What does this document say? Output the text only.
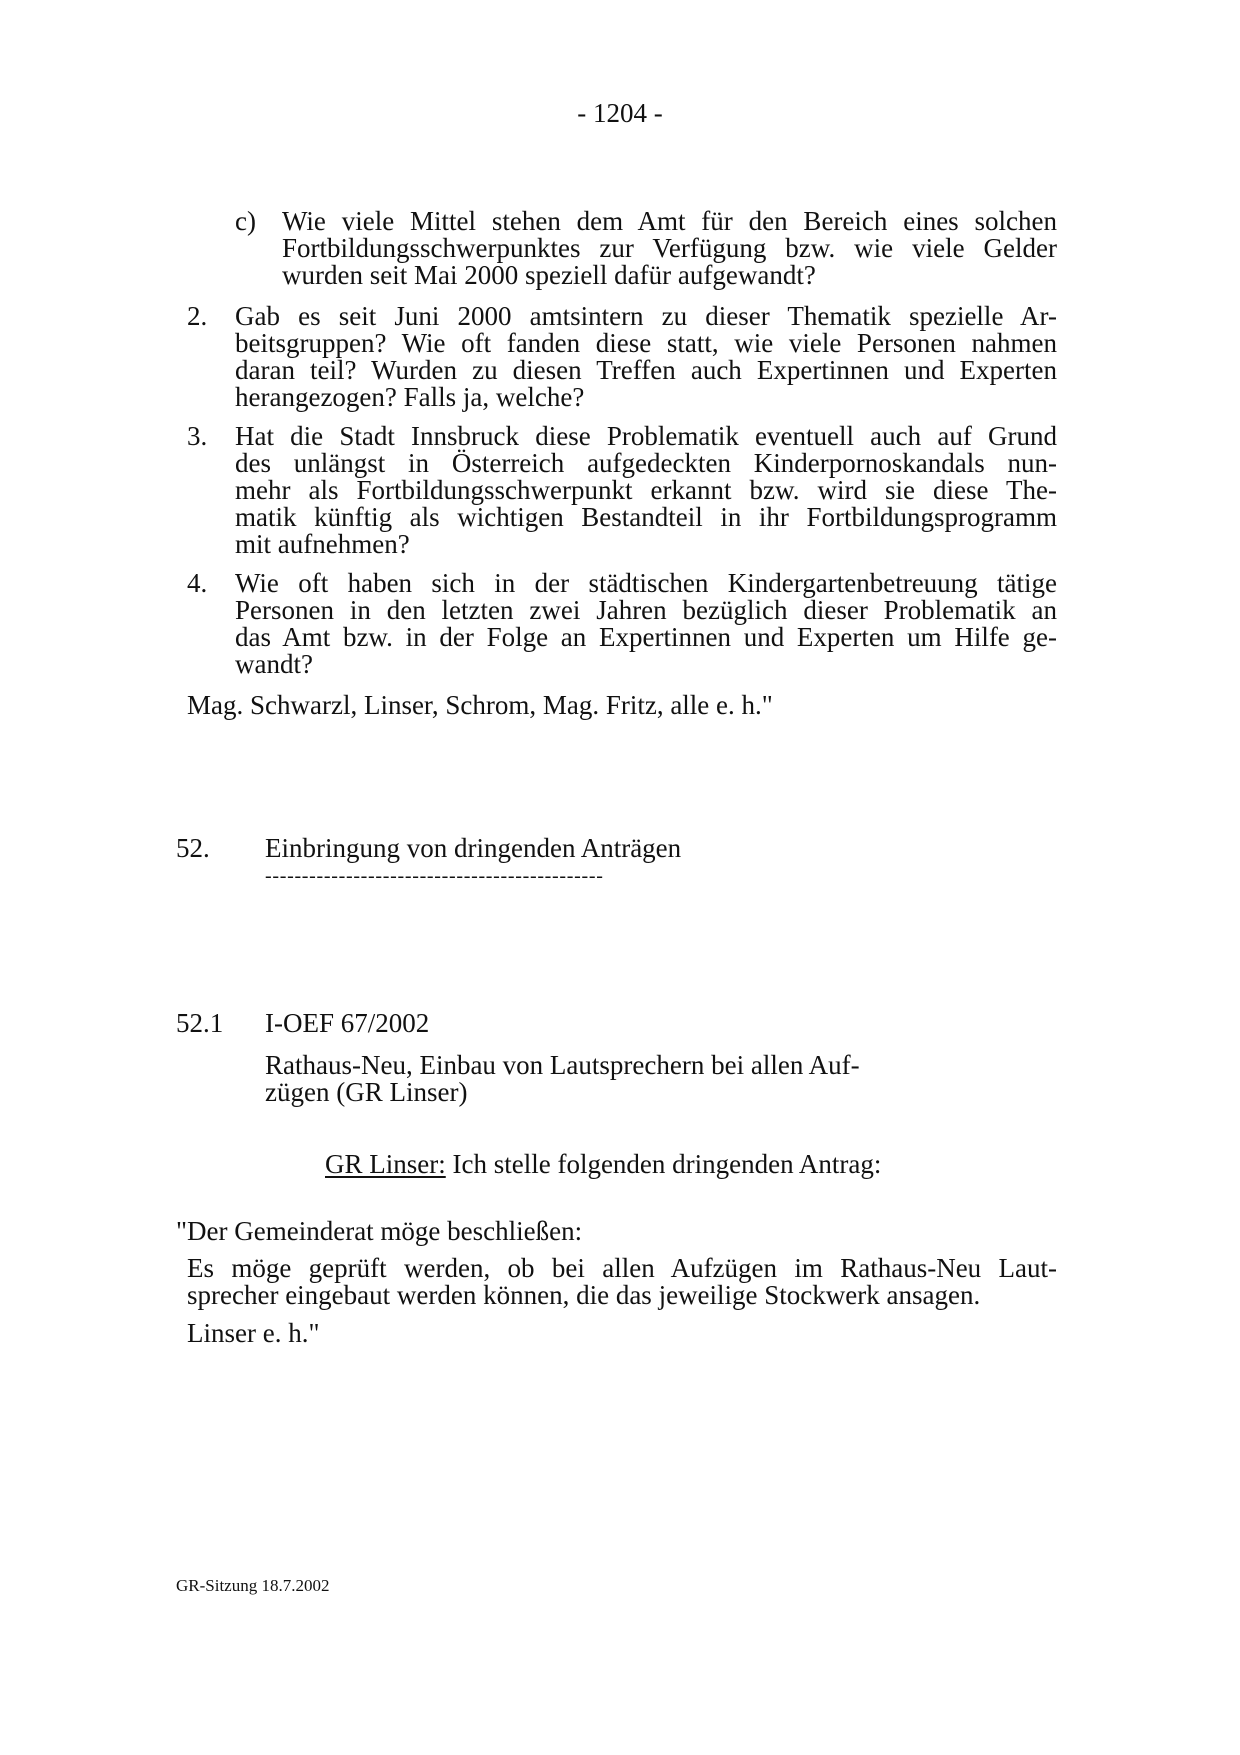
- 1204 -
c) Wie viele Mittel stehen dem Amt für den Bereich eines solchen
Fortbildungsschwerpunktes zur Verfügung bzw. wie viele Gelder
wurden seit Mai 2000 speziell dafür aufgewandt?
2. Gab es seit Juni 2000 amtsintern zu dieser Thematik spezielle Ar-
beitsgruppen? Wie oft fanden diese statt, wie viele Personen nahmen
daran teil? Wurden zu diesen Treffen auch Expertinnen und Experten
herangezogen? Falls ja, welche?
3. Hat die Stadt Innsbruck diese Problematik eventuell auch auf Grund
des unlängst in Österreich aufgedeckten Kinderpornoskandals nun-
mehr als Fortbildungsschwerpunkt erkannt bzw. wird sie diese The-
matik künftig als wichtigen Bestandteil in ihr Fortbildungsprogramm
mit aufnehmen?
4. Wie oft haben sich in der städtischen Kindergartenbetreuung tätige
Personen in den letzten zwei Jahren bezüglich dieser Problematik an
das Amt bzw. in der Folge an Expertinnen und Experten um Hilfe ge-
wandt?
Mag. Schwarzl, Linser, Schrom, Mag. Fritz, alle e. h."
52. Einbringung von dringenden Anträgen
----------------------------------------------
52.1 I-OEF 67/2002
Rathaus-Neu, Einbau von Lautsprechern bei allen Auf-
zügen (GR Linser)
GR Linser: Ich stelle folgenden dringenden Antrag:
"Der Gemeinderat möge beschließen:
Es möge geprüft werden, ob bei allen Aufzügen im Rathaus-Neu Laut-
sprecher eingebaut werden können, die das jeweilige Stockwerk ansagen.
Linser e. h."
GR-Sitzung 18.7.2002
